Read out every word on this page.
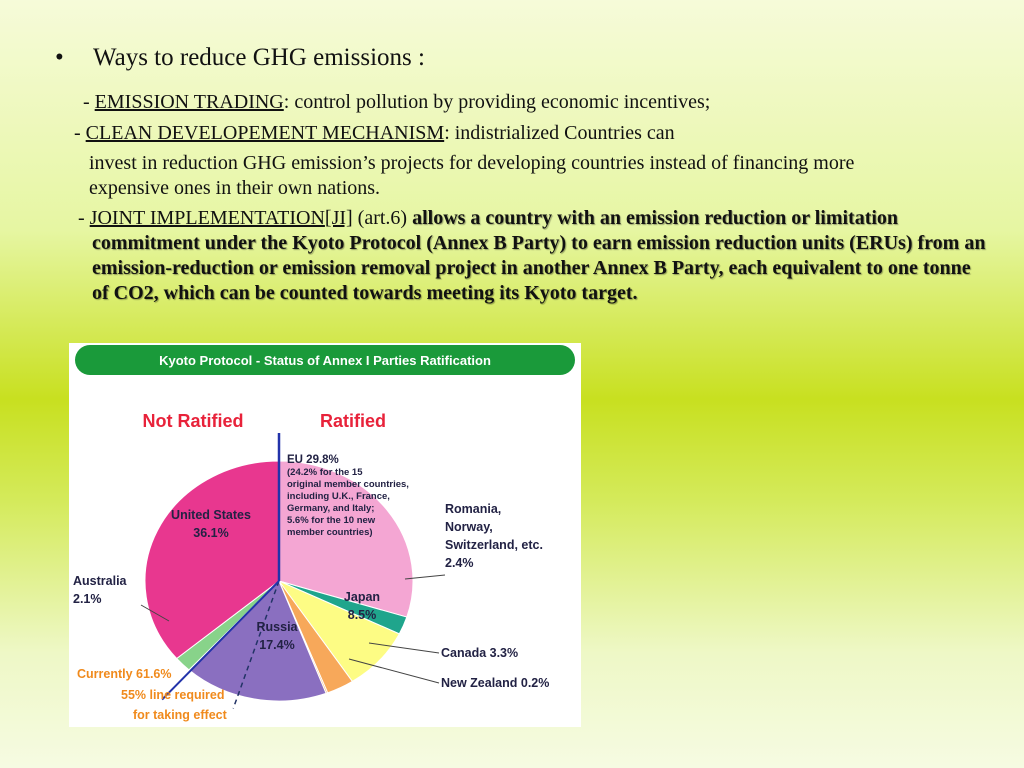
• Ways to reduce GHG emissions :
- EMISSION TRADING: control pollution by providing economic incentives;
- CLEAN DEVELOPEMENT MECHANISM: indistrialized Countries can
invest in reduction GHG emission’s projects for developing countries instead of financing more expensive ones in their own nations.
- JOINT IMPLEMENTATION[JI] (art.6) allows a country with an emission reduction or limitation commitment under the Kyoto Protocol (Annex B Party) to earn emission reduction units (ERUs) from an emission-reduction or emission removal project in another Annex B Party, each equivalent to one tonne of CO2, which can be counted towards meeting its Kyoto target.
Kyoto Protocol - Status of Annex I Parties Ratification
Not Ratified	Ratified
EU 29.8% (24.2% for the 15 original member countries, including U.K., France, Germany, and Italy; 5.6% for the 10 new member countries)
United States 36.1%
Romania, Norway, Switzerland, etc. 2.4%
Japan 8.5%
Canada 3.3%
New Zealand 0.2%
Russia 17.4%
Australia 2.1%
Currently 61.6%
55% line required
for taking effect
